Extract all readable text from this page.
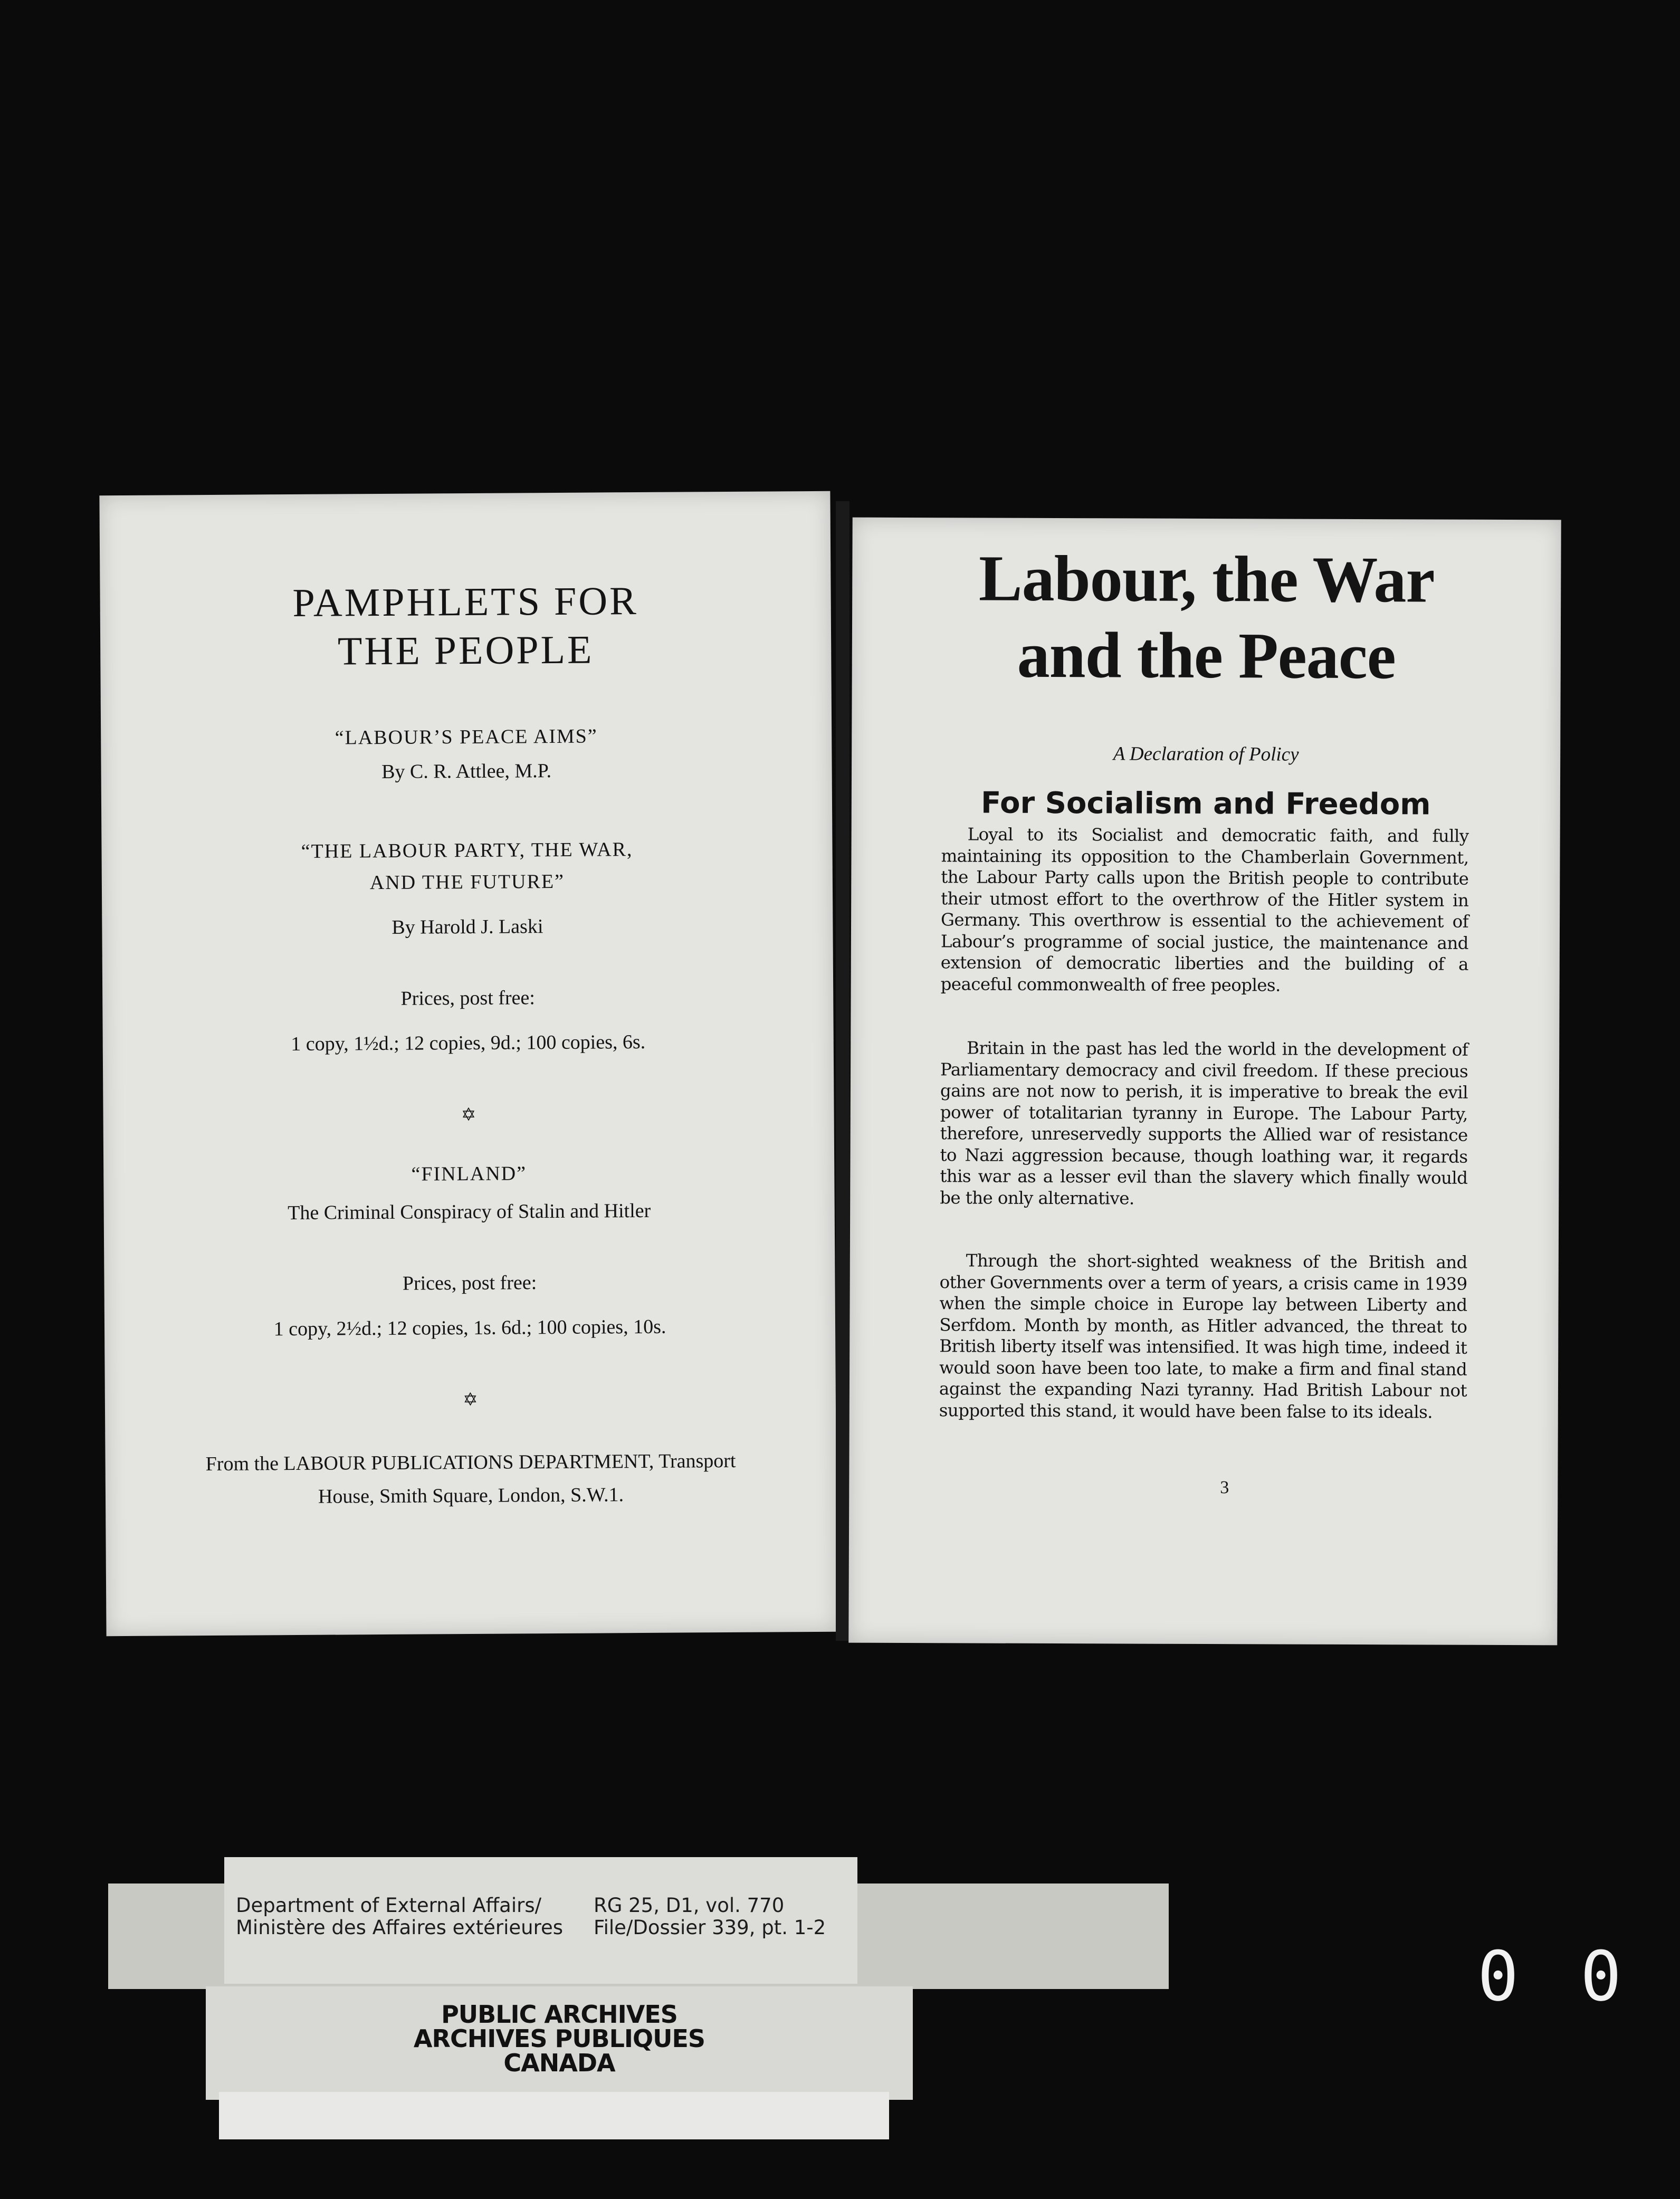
PAMPHLETS FOR
THE PEOPLE
“LABOUR’S PEACE AIMS”
By C. R. Attlee, M.P.
“THE LABOUR PARTY, THE WAR,
AND THE FUTURE”
By Harold J. Laski
Prices, post free:
1 copy, 1½d.; 12 copies, 9d.; 100 copies, 6s.
✡
“FINLAND”
The Criminal Conspiracy of Stalin and Hitler
Prices, post free:
1 copy, 2½d.; 12 copies, 1s. 6d.; 100 copies, 10s.
✡
From the LABOUR PUBLICATIONS DEPARTMENT, Transport
House, Smith Square, London, S.W.1.
Labour, the War
and the Peace
A Declaration of Policy
For Socialism and Freedom
Loyal to its Socialist and democratic faith, and fully maintaining its opposition to the Chamberlain Government, the Labour Party calls upon the British people to contribute their utmost effort to the overthrow of the Hitler system in Germany. This overthrow is essential to the achievement of Labour’s programme of social justice, the maintenance and extension of democratic liberties and the building of a peaceful commonwealth of free peoples.
Britain in the past has led the world in the development of Parliamentary democracy and civil freedom. If these precious gains are not now to perish, it is imperative to break the evil power of totalitarian tyranny in Europe. The Labour Party, therefore, unreservedly supports the Allied war of resistance to Nazi aggression because, though loathing war, it regards this war as a lesser evil than the slavery which finally would be the only alternative.
Through the short-sighted weakness of the British and other Governments over a term of years, a crisis came in 1939 when the simple choice in Europe lay between Liberty and Serfdom. Month by month, as Hitler advanced, the threat to British liberty itself was intensified. It was high time, indeed it would soon have been too late, to make a firm and final stand against the expanding Nazi tyranny. Had British Labour not supported this stand, it would have been false to its ideals.
3
Department of External Affairs/
Ministère des Affaires extérieures
RG 25, D1, vol. 770
File/Dossier 339, pt. 1-2
PUBLIC ARCHIVES
ARCHIVES PUBLIQUES
CANADA
0 0
